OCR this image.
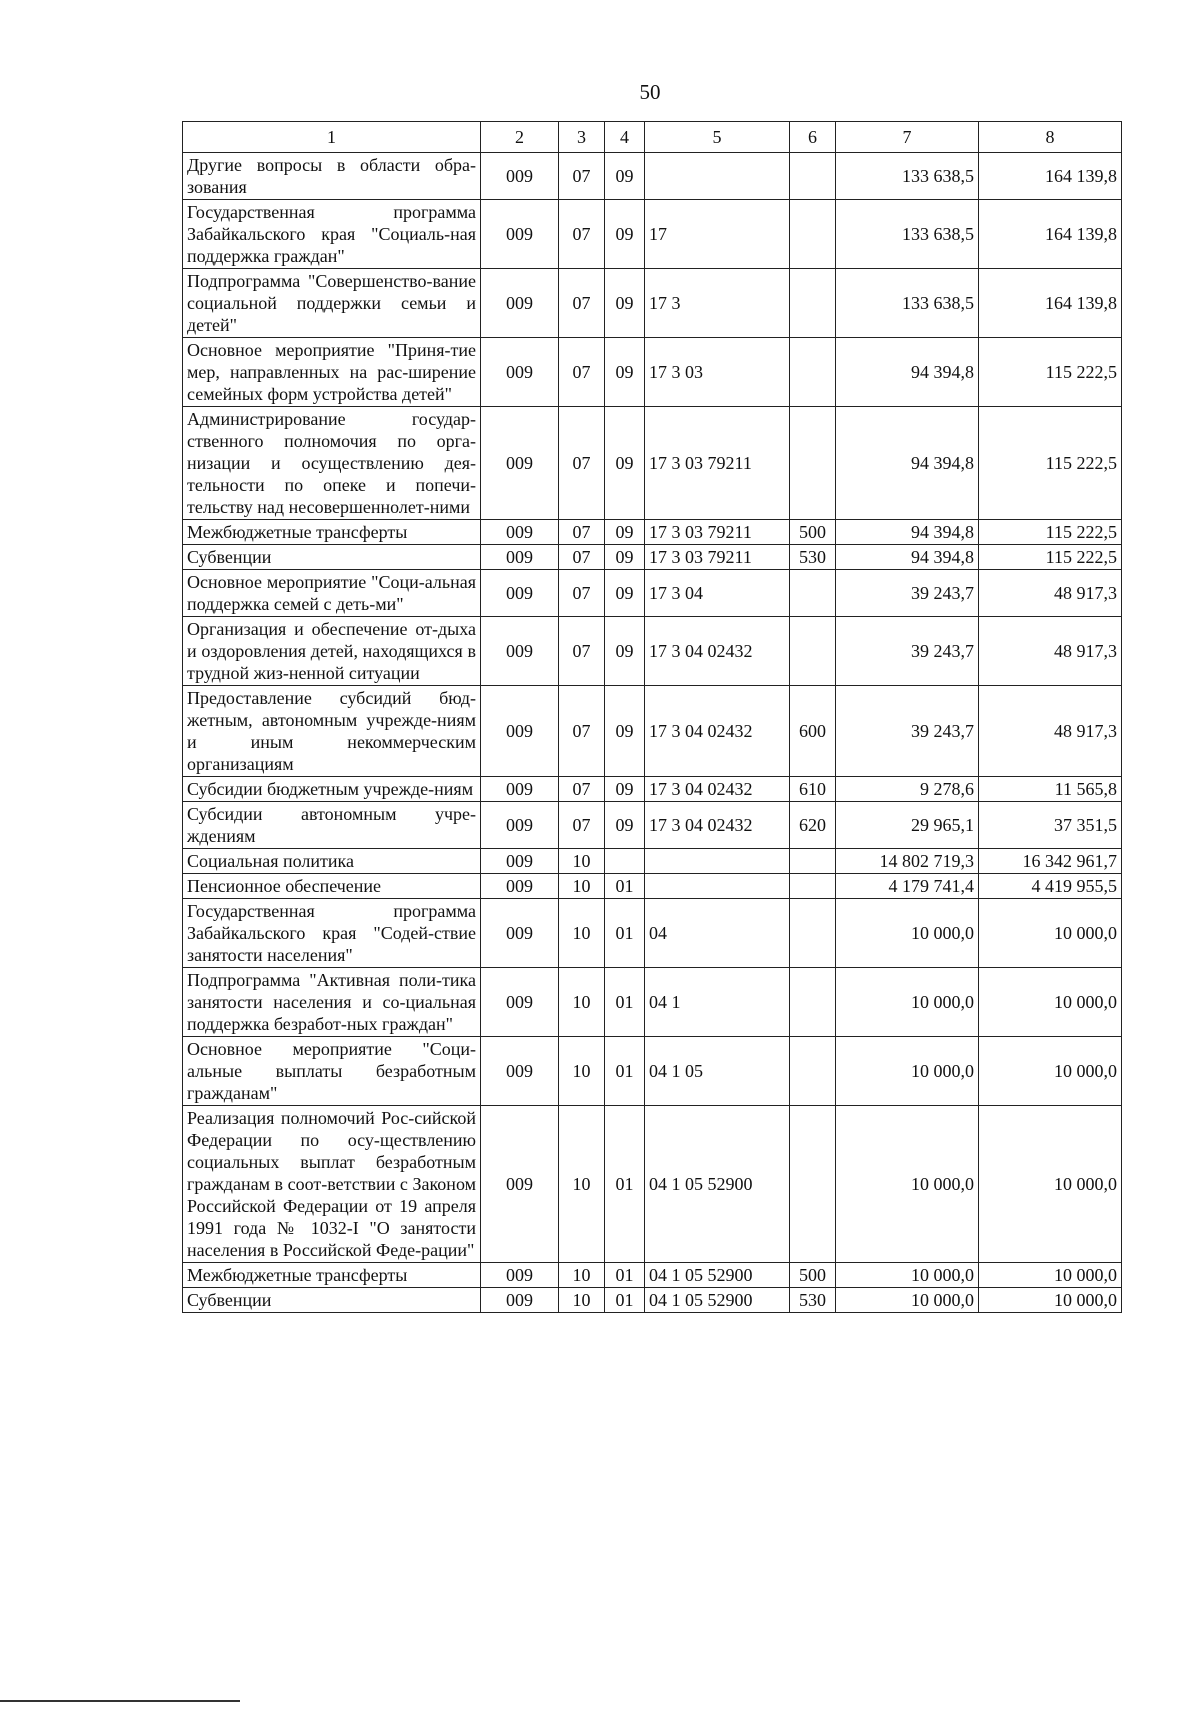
50
1	2	3	4	5	6	7	8
Другие вопросы в области обра-зования	009	07	09			133 638,5	164 139,8
Государственная программа Забайкальского края "Социаль-ная поддержка граждан"	009	07	09	17		133 638,5	164 139,8
Подпрограмма "Совершенство-вание социальной поддержки семьи и детей"	009	07	09	17 3		133 638,5	164 139,8
Основное мероприятие "Приня-тие мер, направленных на рас-ширение семейных форм устройства детей"	009	07	09	17 3 03		94 394,8	115 222,5
Администрирование государ-ственного полномочия по орга-низации и осуществлению дея-тельности по опеке и попечи-тельству над несовершеннолет-ними	009	07	09	17 3 03 79211		94 394,8	115 222,5
Межбюджетные трансферты	009	07	09	17 3 03 79211	500	94 394,8	115 222,5
Субвенции	009	07	09	17 3 03 79211	530	94 394,8	115 222,5
Основное мероприятие "Соци-альная поддержка семей с деть-ми"	009	07	09	17 3 04		39 243,7	48 917,3
Организация и обеспечение от-дыха и оздоровления детей, находящихся в трудной жиз-ненной ситуации	009	07	09	17 3 04 02432		39 243,7	48 917,3
Предоставление субсидий бюд-жетным, автономным учрежде-ниям и иным некоммерческим организациям	009	07	09	17 3 04 02432	600	39 243,7	48 917,3
Субсидии бюджетным учрежде-ниям	009	07	09	17 3 04 02432	610	9 278,6	11 565,8
Субсидии автономным учре-ждениям	009	07	09	17 3 04 02432	620	29 965,1	37 351,5
Социальная политика	009	10				14 802 719,3	16 342 961,7
Пенсионное обеспечение	009	10	01			4 179 741,4	4 419 955,5
Государственная программа Забайкальского края "Содей-ствие занятости населения"	009	10	01	04		10 000,0	10 000,0
Подпрограмма "Активная поли-тика занятости населения и со-циальная поддержка безработ-ных граждан"	009	10	01	04 1		10 000,0	10 000,0
Основное мероприятие "Соци-альные выплаты безработным гражданам"	009	10	01	04 1 05		10 000,0	10 000,0
Реализация полномочий Рос-сийской Федерации по осу-ществлению социальных выплат безработным гражданам в соот-ветствии с Законом Российской Федерации от 19 апреля 1991 года № 1032-I "О занятости населения в Российской Феде-рации"	009	10	01	04 1 05 52900		10 000,0	10 000,0
Межбюджетные трансферты	009	10	01	04 1 05 52900	500	10 000,0	10 000,0
Субвенции	009	10	01	04 1 05 52900	530	10 000,0	10 000,0
